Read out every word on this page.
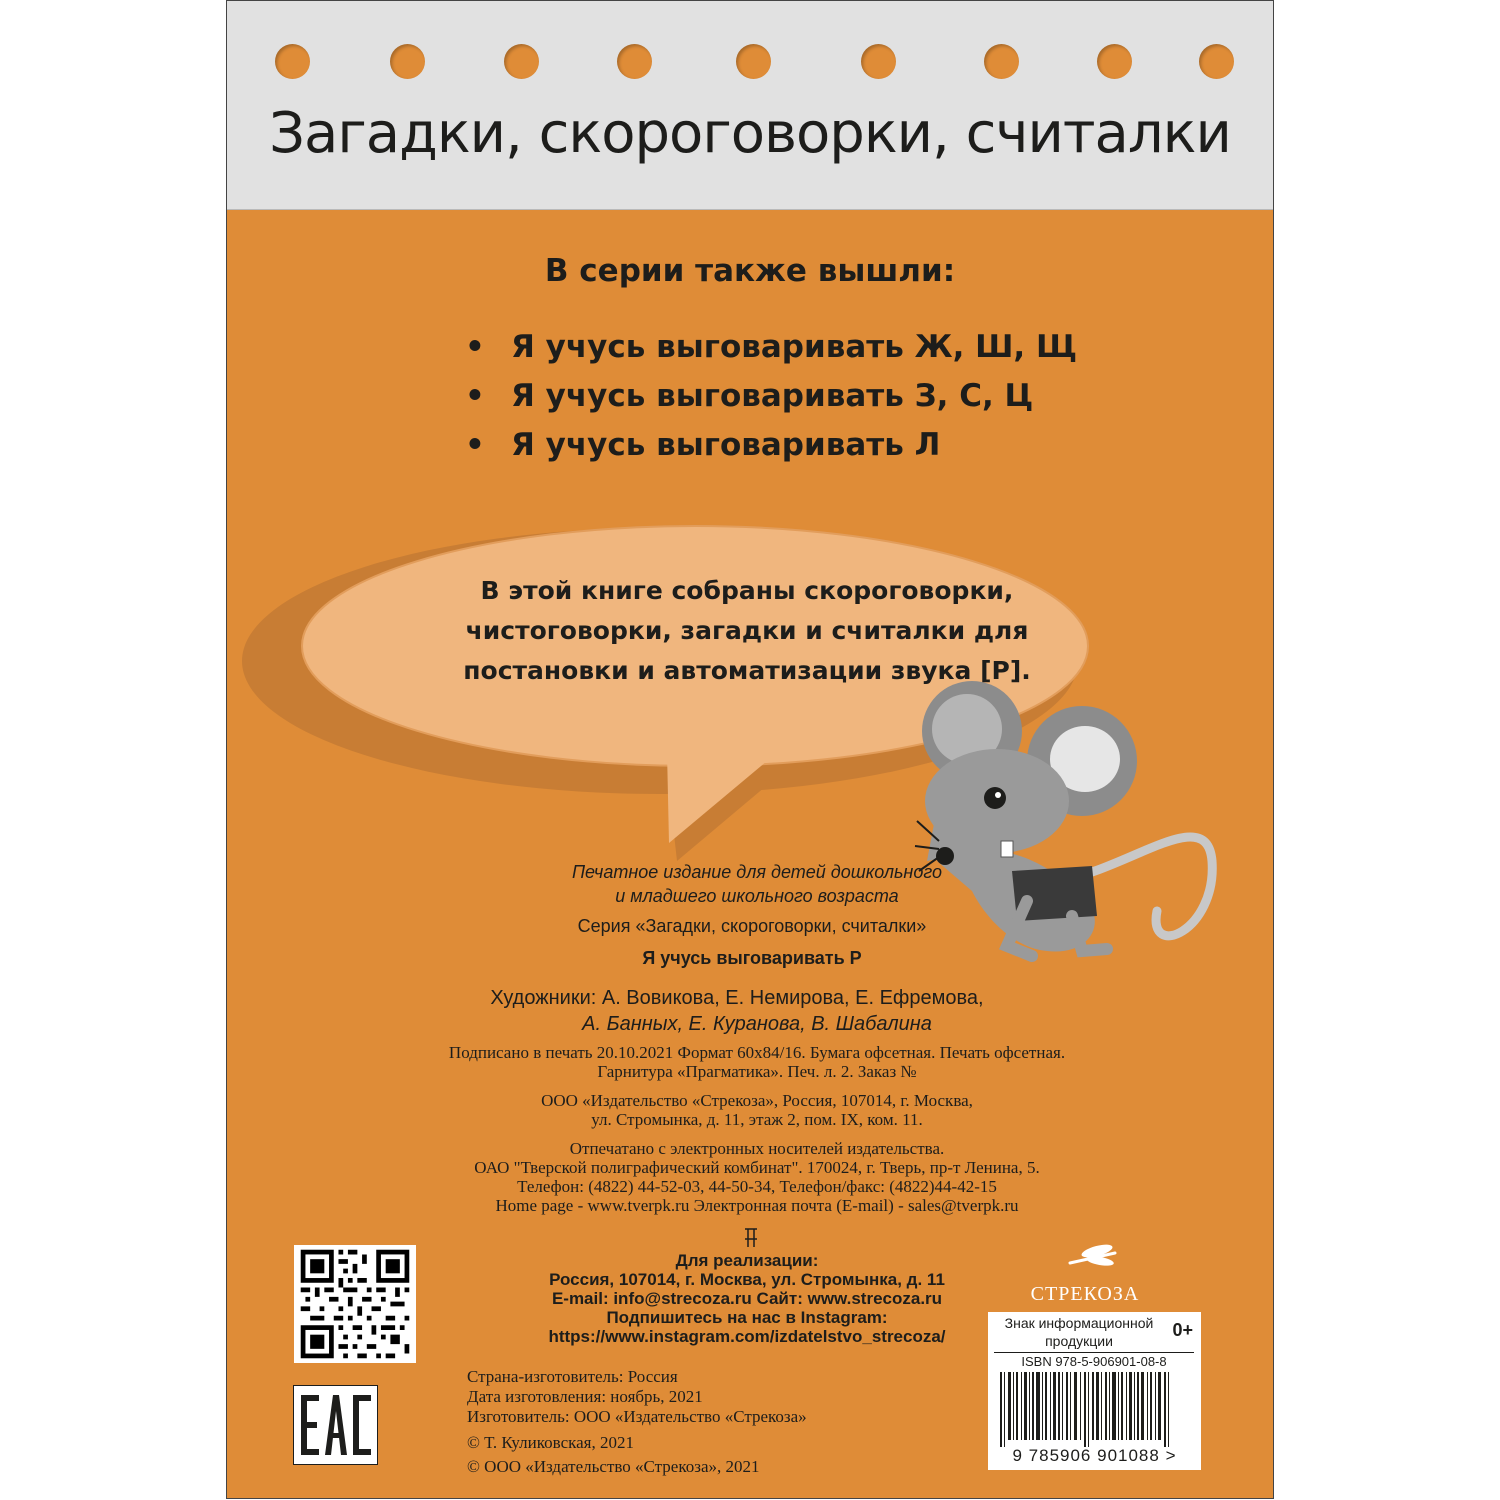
Загадки, скороговорки, считалки
В серии также вышли:
• Я учусь выговаривать Ж, Ш, Щ
• Я учусь выговаривать З, С, Ц
• Я учусь выговаривать Л
В этой книге собраны скороговорки,
чистоговорки, загадки и считалки для
постановки и автоматизации звука [Р].
Печатное издание для детей дошкольного
и младшего школьного возраста
Серия «Загадки, скороговорки, считалки»
Я учусь выговаривать Р
Художники: А. Вовикова, Е. Немирова, Е. Ефремова,
А. Банных, Е. Куранова, В. Шабалина
Подписано в печать 20.10.2021 Формат 60x84/16. Бумага офсетная. Печать офсетная.
Гарнитура «Прагматика». Печ. л. 2. Заказ №
ООО «Издательство «Стрекоза», Россия, 107014, г. Москва,
ул. Стромынка, д. 11, этаж 2, пом. IX, ком. 11.
Отпечатано с электронных носителей издательства.
ОАО "Тверской полиграфический комбинат". 170024, г. Тверь, пр-т Ленина, 5.
Телефон: (4822) 44-52-03, 44-50-34, Телефон/факс: (4822)44-42-15
Home page - www.tverpk.ru Электронная почта (E-mail) - sales@tverpk.ru
Для реализации:
Россия, 107014, г. Москва, ул. Стромынка, д. 11
E-mail: info@strecoza.ru Сайт: www.strecoza.ru
Подпишитесь на нас в Instagram:
https://www.instagram.com/izdatelstvo_strecoza/
Страна-изготовитель: Россия
Дата изготовления: ноябрь, 2021
Изготовитель: ООО «Издательство «Стрекоза»
© Т. Куликовская, 2021
© ООО «Издательство «Стрекоза», 2021
СТРЕКОЗА
Знак информационной
продукции
0+
ISBN 978-5-906901-08-8
9 785906 901088 >
